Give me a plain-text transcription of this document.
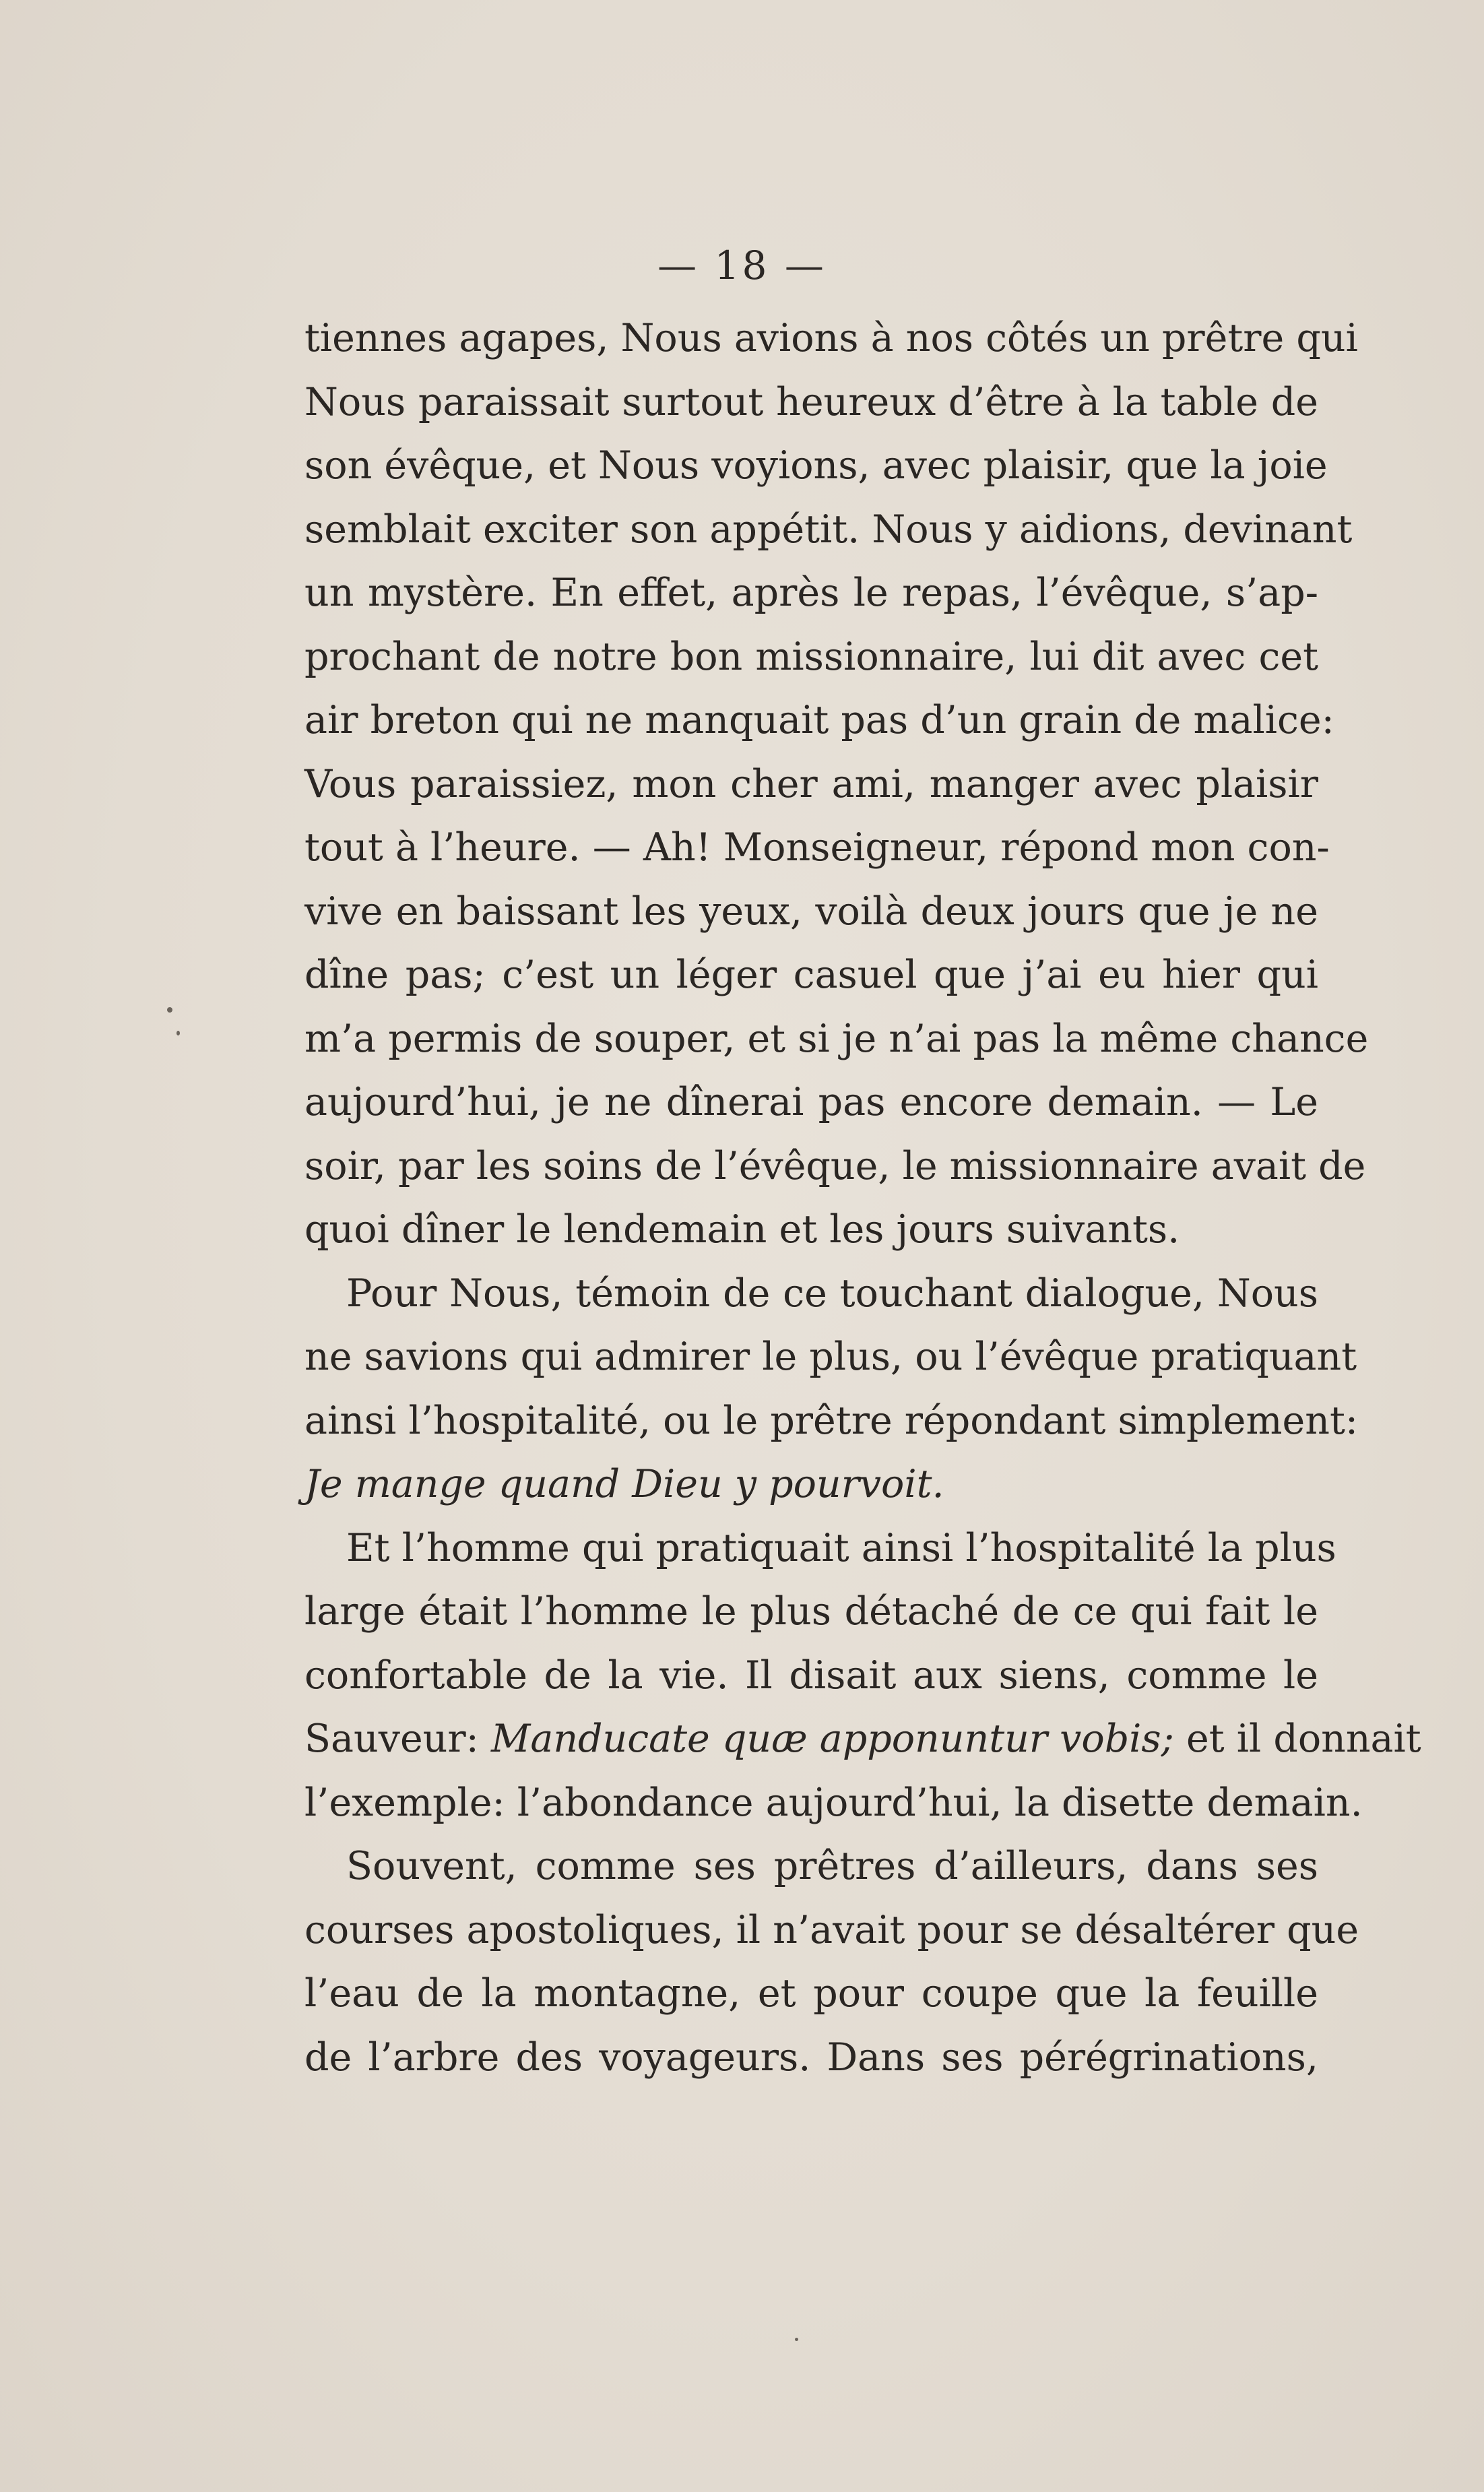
— 18 —
tiennes agapes, Nous avions à nos côtés un prêtre qui
Nous paraissait surtout heureux d’être à la table de
son évêque, et Nous voyions, avec plaisir, que la joie
semblait exciter son appétit. Nous y aidions, devinant
un mystère. En effet, après le repas, l’évêque, s’ap-
prochant de notre bon missionnaire, lui dit avec cet
air breton qui ne manquait pas d’un grain de malice:
Vous paraissiez, mon cher ami, manger avec plaisir
tout à l’heure. — Ah! Monseigneur, répond mon con-
vive en baissant les yeux, voilà deux jours que je ne
dîne pas; c’est un léger casuel que j’ai eu hier qui
m’a permis de souper, et si je n’ai pas la même chance
aujourd’hui, je ne dînerai pas encore demain. — Le
soir, par les soins de l’évêque, le missionnaire avait de
quoi dîner le lendemain et les jours suivants.
Pour Nous, témoin de ce touchant dialogue, Nous
ne savions qui admirer le plus, ou l’évêque pratiquant
ainsi l’hospitalité, ou le prêtre répondant simplement:
Je mange quand Dieu y pourvoit.
Et l’homme qui pratiquait ainsi l’hospitalité la plus
large était l’homme le plus détaché de ce qui fait le
confortable de la vie. Il disait aux siens, comme le
Sauveur: Manducate quæ apponuntur vobis; et il donnait
l’exemple: l’abondance aujourd’hui, la disette demain.
Souvent, comme ses prêtres d’ailleurs, dans ses
courses apostoliques, il n’avait pour se désaltérer que
l’eau de la montagne, et pour coupe que la feuille
de l’arbre des voyageurs. Dans ses pérégrinations,
